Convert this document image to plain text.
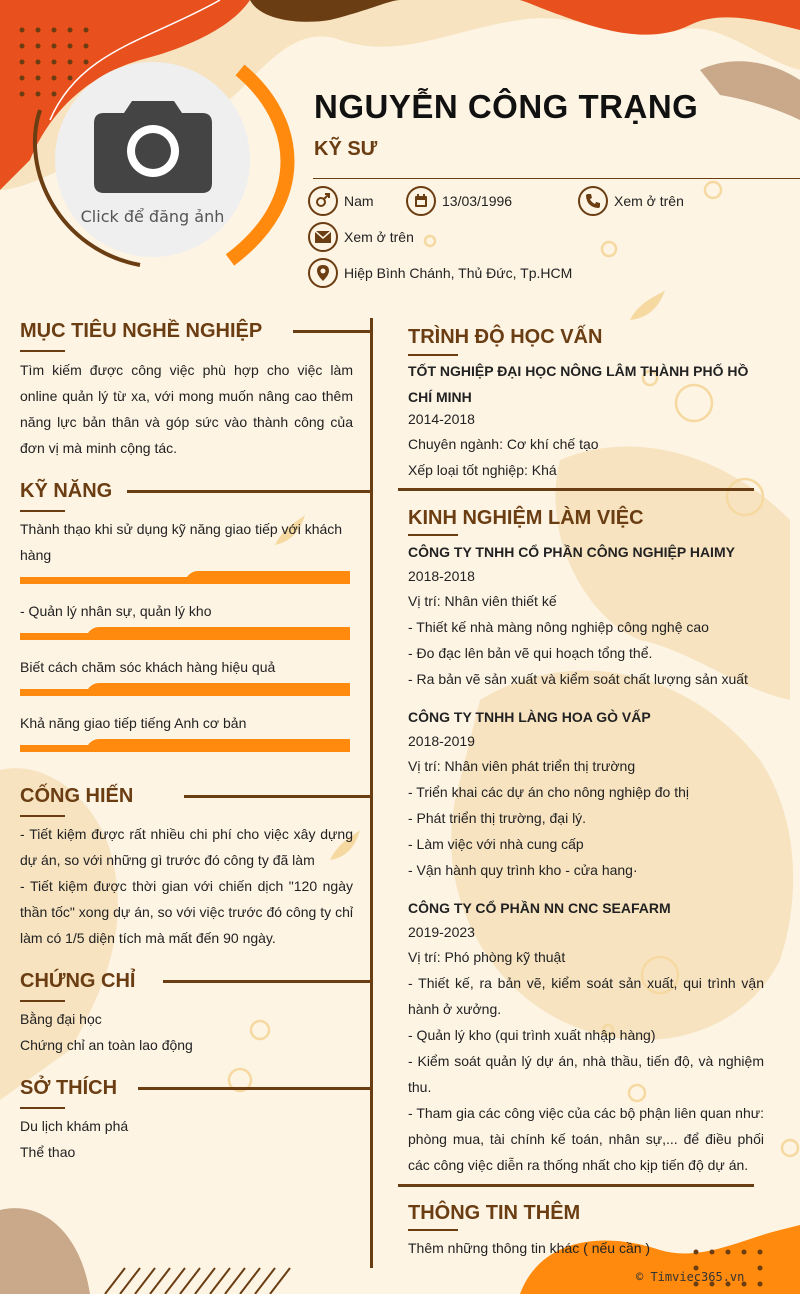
Click để đăng ảnh
NGUYỄN CÔNG TRẠNG
KỸ SƯ
Nam	13/03/1996	Xem ở trên
Xem ở trên
Hiệp Bình Chánh, Thủ Đức, Tp.HCM
MỤC TIÊU NGHỀ NGHIỆP
Tìm kiếm được công việc phù hợp cho việc làm online quản lý từ xa, với mong muốn nâng cao thêm năng lực bản thân và góp sức vào thành công của đơn vị mà minh cộng tác.
KỸ NĂNG
Thành thạo khi sử dụng kỹ năng giao tiếp với khách hàng
- Quản lý nhân sự, quản lý kho
Biết cách chăm sóc khách hàng hiệu quả
Khả năng giao tiếp tiếng Anh cơ bản
CỐNG HIẾN
- Tiết kiệm được rất nhiều chi phí cho việc xây dựng dự án, so với những gì trước đó công ty đã làm
- Tiết kiệm được thời gian với chiến dịch "120 ngày thần tốc" xong dự án, so với việc trước đó công ty chỉ làm có 1/5 diện tích mà mất đến 90 ngày.
CHỨNG CHỈ
Bằng đại học
Chứng chỉ an toàn lao động
SỞ THÍCH
Du lịch khám phá
Thể thao
TRÌNH ĐỘ HỌC VẤN
TỐT NGHIỆP ĐẠI HỌC NÔNG LÂM THÀNH PHỐ HỒ CHÍ MINH
2014-2018
Chuyên ngành: Cơ khí chế tạo
Xếp loại tốt nghiệp: Khá
KINH NGHIỆM LÀM VIỆC
CÔNG TY TNHH CỔ PHẦN CÔNG NGHIỆP HAIMY
2018-2018
Vị trí: Nhân viên thiết kế
- Thiết kế nhà màng nông nghiệp công nghệ cao
- Đo đạc lên bản vẽ qui hoạch tổng thể.
- Ra bản vẽ sản xuất và kiểm soát chất lượng sản xuất
CÔNG TY TNHH LÀNG HOA GÒ VẤP
2018-2019
Vị trí: Nhân viên phát triển thị trường
- Triển khai các dự án cho nông nghiệp đo thị
- Phát triển thị trường, đại lý.
- Làm việc với nhà cung cấp
- Vận hành quy trình kho - cửa hang·
CÔNG TY CỔ PHẦN NN CNC SEAFARM
2019-2023
Vị trí: Phó phòng kỹ thuật
- Thiết kế, ra bản vẽ, kiểm soát sản xuất, qui trình vận hành ở xưởng.
- Quản lý kho (qui trình xuất nhập hàng)
- Kiểm soát quản lý dự án, nhà thầu, tiến độ, và nghiệm thu.
- Tham gia các công việc của các bộ phận liên quan như: phòng mua, tài chính kế toán, nhân sự,... để điều phối các công việc diễn ra thống nhất cho kịp tiến độ dự án.
THÔNG TIN THÊM
Thêm những thông tin khác ( nếu cần )
© Timviec365.vn
